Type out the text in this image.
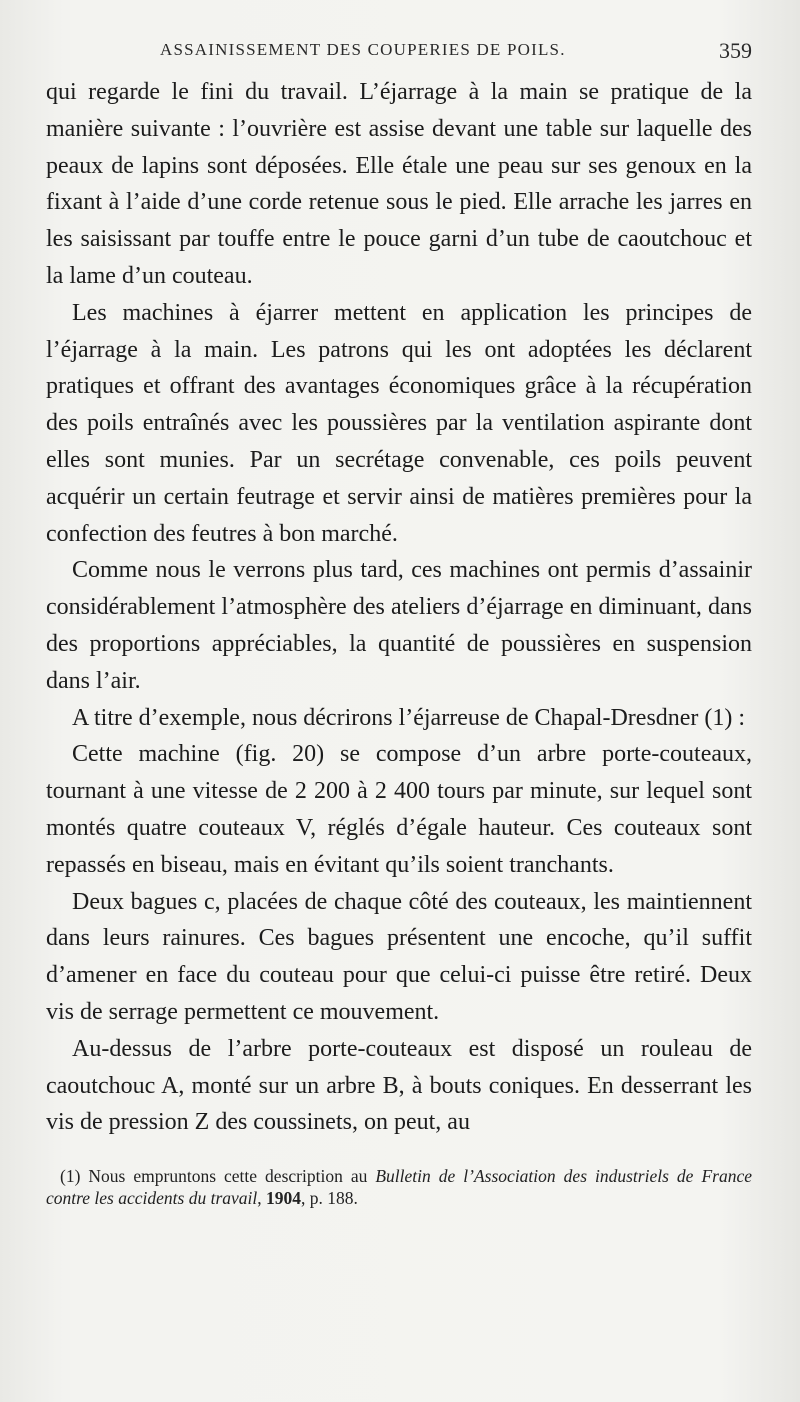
ASSAINISSEMENT DES COUPERIES DE POILS.	359

qui regarde le fini du travail. L’éjarrage à la main se pratique de la manière suivante : l’ouvrière est assise devant une table sur laquelle des peaux de lapins sont déposées. Elle étale une peau sur ses genoux en la fixant à l’aide d’une corde retenue sous le pied. Elle arrache les jarres en les saisissant par touffe entre le pouce garni d’un tube de caoutchouc et la lame d’un couteau.

Les machines à éjarrer mettent en application les principes de l’éjarrage à la main. Les patrons qui les ont adoptées les déclarent pratiques et offrant des avantages économiques grâce à la récupération des poils entraînés avec les poussières par la ventilation aspirante dont elles sont munies. Par un secrétage convenable, ces poils peuvent acquérir un certain feutrage et servir ainsi de matières premières pour la confection des feutres à bon marché.

Comme nous le verrons plus tard, ces machines ont permis d’assainir considérablement l’atmosphère des ateliers d’éjarrage en diminuant, dans des proportions appréciables, la quantité de poussières en suspension dans l’air.

A titre d’exemple, nous décrirons l’éjarreuse de Chapal-Dresdner (1) :

Cette machine (fig. 20) se compose d’un arbre porte-couteaux, tournant à une vitesse de 2 200 à 2 400 tours par minute, sur lequel sont montés quatre couteaux V, réglés d’égale hauteur. Ces couteaux sont repassés en biseau, mais en évitant qu’ils soient tranchants.

Deux bagues c, placées de chaque côté des couteaux, les maintiennent dans leurs rainures. Ces bagues présentent une encoche, qu’il suffit d’amener en face du couteau pour que celui-ci puisse être retiré. Deux vis de serrage permettent ce mouvement.

Au-dessus de l’arbre porte-couteaux est disposé un rouleau de caoutchouc A, monté sur un arbre B, à bouts coniques. En desserrant les vis de pression Z des coussinets, on peut, au

(1) Nous empruntons cette description au Bulletin de l’Association des industriels de France contre les accidents du travail, 1904, p. 188.
